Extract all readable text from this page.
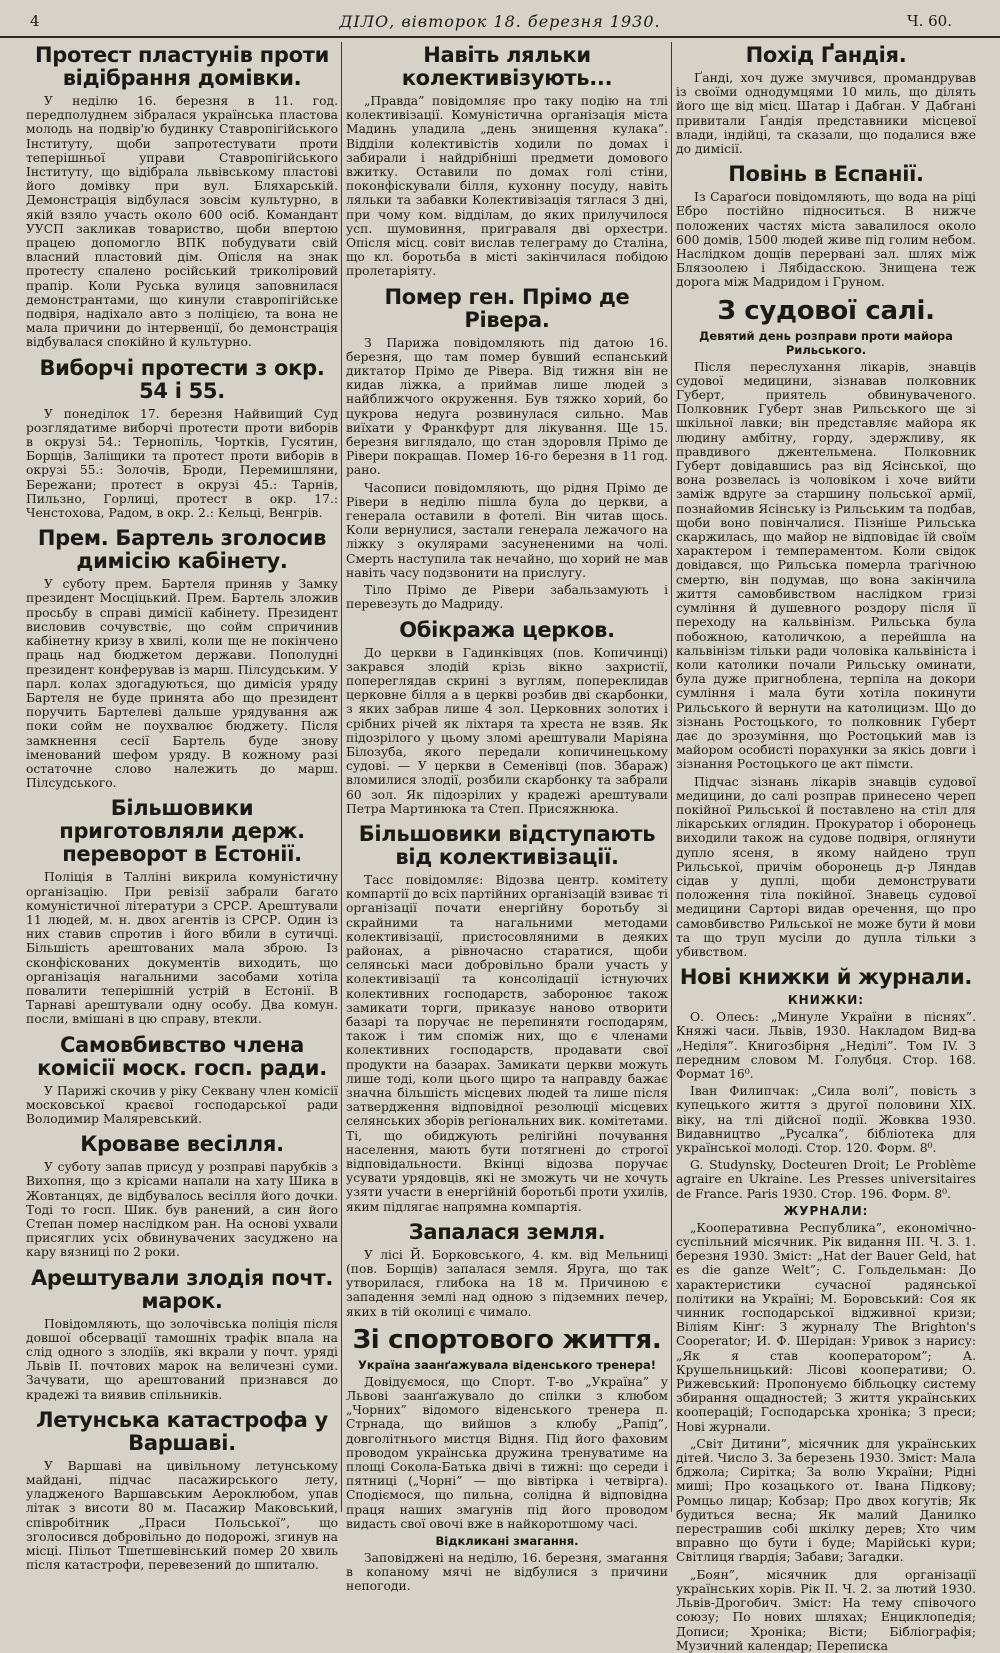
4	ДІЛО, вівторок 18. березня 1930.	Ч. 60.
Протест пластунів проти відібрання домівки.

У неділю 16. березня в 11. год. передполуднем зібралася українська пластова молодь на подвір'ю будинку Ставропігійського Інституту, щоби запротестувати проти теперішньої управи Ставропігійського Інституту, що відібрала львівському пластові його домівку при вул. Бляхарській. Демонстрація відбулася зовсім культурно, в якій взяло участь около 600 осіб. Командант УУСП закликав товариство, щоби впертою працею допомогло ВПК побудувати свій власний пластовий дім. Опісля на знак протесту спалено російський триколіровий прапір. Коли Руська вулиця заповнилася демонстрантами, що кинули ставропігійське подвіря, надіхало авто з поліцією, та вона не мала причини до інтервенції, бо демонстрація відбувалася спокійно й культурно.

Виборчі протести з окр. 54 і 55.

У понеділок 17. березня Найвищий Суд розглядатиме виборчі протести проти виборів в окрузі 54.: Тернопіль, Чортків, Гусятин, Борщів, Заліщики та протест проти виборів в окрузі 55.: Золочів, Броди, Перемишляни, Бережани; протест в окрузі 45.: Тарнів, Пильзно, Горлиці, протест в окр. 17.: Ченстохова, Радом, в окр. 2.: Кельці, Венгрів.

Прем. Бартель зголосив димісію кабінету.

У суботу прем. Бартеля приняв у Замку президент Мосціцький. Прем. Бартель зложив просьбу в справі димісії кабінету. Президент висловив сочувствіє, що сойм спричинив кабінетну кризу в хвилі, коли ще не покінчено праць над бюджетом держави. Пополудні президент конферував із марш. Пілсудським. У парл. колах здогадуються, що димісія уряду Бартеля не буде принята або що президент поручить Бартелеві дальше урядування аж поки сойм не поухвалює бюджету. Після замкнення сесії Бартель буде знову іменований шефом уряду. В кожному разі остаточне слово належить до марш. Пілсудського.

Більшовики приготовляли держ. переворот в Естонії.

Поліція в Талліні викрила комуністичну організацію. При ревізії забрали багато комуністичної літератури з СРСР. Арештували 11 людей, м. н. двох агентів із СРСР. Один із них ставив спротив і його вбили в сутичці. Більшість арештованих мала зброю. Із сконфіскованих документів виходить, що організація нагальними засобами хотіла повалити теперішній устрій в Естонії. В Тарнаві арештували одну особу. Два комун. посли, вмішані в цю справу, втекли.

Самовбивство члена комісії моск. госп. ради.

У Парижі скочив у ріку Секвану член комісії московської краєвої господарської ради Володимир Малярeвський.

Кроваве весілля.

У суботу запав присуд у розправі парубків з Вихопня, що з крісами напали на хату Шика в Жовтанцях, де відбувалось весілля його дочки. Тоді то госп. Шик. був ранений, а син його Степан помер наслідком ран. На основі ухвали присяглих усіх обвинувачених засуджено на кару вязниці по 2 роки.

Арештували злодія почт. марок.

Повідомляють, що золочівська поліція після довшої обсервації тамошніх трафік впала на слід одного з злодіїв, які вкрали у почт. уряді Львів II. почтових марок на величезні суми. Зачувати, що арештований признався до крадежі та виявив спільників.

Летунська катастрофа у Варшаві.

У Варшаві на цивільному летунському майдані, підчас пасажирського лету, уладженого Варшавським Аероклюбом, упав літак з висоти 80 м. Пасажир Маковський, співробітник „Праси Польської”, що зголосився добровільно до подорожі, згинув на місці. Пільот Тшетшевінський помер 20 хвиль після катастрофи, перевезений до шпиталю.

Навіть ляльки колективізують...

„Правда” повідомляє про таку подію на тлі колективізації. Комуністична організація міста Мадинь уладила „день знищення кулака”. Відділи колективістів ходили по домах і забирали і найдрібніші предмети домового вжитку. Оставили по домах голі стіни, поконфіскували білля, кухонну посуду, навіть ляльки та забавки Колективізація тяглася 3 дні, при чому ком. відділам, до яких прилучилося усп. шумовиння, приграваля дві орхестри. Опісля місц. совіт вислав телеграму до Сталіна, що кл. боротьба в місті закінчилася побідою пролетаріяту.

Помер ген. Прімо де Рівера.

З Парижа повідомляють під датою 16. березня, що там помер бувший еспанський диктатор Прімо де Рівера. Від тижня він не кидав ліжка, а приймав лише людей з найближчого окруження. Був тяжко хорий, бо цукрова недуга розвинулася сильно. Мав виїхати у Франкфурт для лікування. Ще 15. березня виглядало, що стан здоровля Прімо де Рівери покращав. Помер 16-го березня в 11 год. рано.

Часописи повідомляють, що рідня Прімо де Рівери в неділю пішла була до церкви, а генерала оставили в фотелі. Він читав щось. Коли вернулися, застали генерала лежачого на ліжку з окулярами засунененими на чолі. Смерть наступила так нечайно, що хорий не мав навіть часу подзвонити на прислугу.

Тіло Прімо де Рівери забальзамують і перевезуть до Мадриду.

Обікража церков.

До церкви в Гадинківцях (пов. Копичинці) закрався злодій крізь вікно захристії, попереглядав скрині з вуглям, попереклидав церковне білля а в церкві розбив дві скарбонки, з яких забрав лише 4 зол. Церковних золотих і срібних річей як ліхтаря та хреста не взяв. Як підозрілого у цьому зломі арештували Маріяна Білозуба, якого передали копичинецькому судові. — У церкви в Семенівці (пов. Збараж) вломилися злодії, розбили скарбонку та забрали 60 зол. Як підозрілих у крадежі арештували Петра Мартинюка та Степ. Присяжнюка.

Більшовики відступають від колективізації.

Тасс повідомляє: Відозва центр. комітету компартії до всіх партійних організацій взиває ті організації почати енергійну боротьбу зі скрайними та нагальними методами колективізації, пристосовляними в деяких районах, а рівночасно старатися, щоби селянські маси добровільно брали участь у колективізації та консолідації істнуючих колективних господарств, заборонює також замикати торги, приказує наново отворити базарі та поручає не перепиняти господарям, також і тим споміж них, що є членами колективних господарств, продавати свої продукти на базарах. Замикати церкви можуть лише тоді, коли цього щиро та направду бажає значна більшість місцевих людей та лише після затвердження відповідної резолюції місцевих селянських зборів регіональних вик. комітетами. Ті, що обиджують релігійні почування населення, мають бути потягнені до строгої відповідальности. Вкінці відозва поручає усувати урядовців, які не зможуть чи не хочуть узяти участи в енергійній боротьбі проти ухилів, яким підлягає напрямна компартія.

Запалася земля.

У лісі Й. Борковського, 4. км. від Мельниці (пов. Борщів) запалася земля. Яруга, що так утворилася, глибока на 18 м. Причиною є западення землі над одною з підземних печер, яких в тій околиці є чимало.

Зі спортового життя.
Україна заанґажувала віденського тренера!

Довідуємося, що Спорт. Т-во „Україна” у Львові заанґажувало до спілки з клюбом „Чорних” відомого віденського тренера п. Стрнада, що вийшов з клюбу „Рапід”, довголітнього мистця Відня. Під його фаховим проводом українська дружина тренуватиме на площі Сокола-Батька двічі в тижні: що середи і пятниці („Чорні” — що вівтірка і четвірга). Сподіємося, що пильна, солідна й відповідна праця наших змагунів під його проводом видасть свої овочі вже в найкоротшому часі.

Відкликані змагання.

Заповіджені на неділю, 16. березня, змагання в копаному мячі не відбулися з причини непогоди.

Похід Ґандія.

Ґанді, хоч дуже змучився, промандрував із своїми однодумцями 10 миль, що ділять його ще від місц. Шатар і Дабган. У Дабгані привитали Ґандія представники місцевої влади, індійці, та сказали, що подалися вже до димісії.

Повінь в Еспанії.

Із Сараґоси повідомляють, що вода на ріці Ебро постійно підноситься. В нижче положених частях міста завалилося около 600 домів, 1500 людей живе під голим небом. Наслідком дощів перервані зал. шлях між Блязоолею і Лябідасскою. Знищена теж дорога між Мадридом і Груном.

З судової салі.
Девятий день розправи проти майора Рильського.

Після переслухання лікарів, знавців судової медицини, зізнавав полковник Губерт, приятель обвинуваченого. Полковник Губерт знав Рильського ще зі шкільної лавки; він представляє майора як людину амбітну, горду, здержливу, як правдивого джентельмена. Полковник Губерт довідавшись раз від Ясінської, що вона розвелась із чоловіком і хоче вийти заміж вдруге за старшину польської армії, познайомив Ясінську із Рильським та подбав, щоби воно повінчалися. Пізніше Рильська скаржилась, що майор не відповідає їй своїм характером і темпераментом. Коли свідок довідався, що Рильська померла трагічною смертю, він подумав, що вона закінчила життя самовбивством наслідком гризі сумління й душевного роздору після її переходу на кальвінізм. Рильська була побожною, католичкою, а перейшла на кальвінізм тільки ради чоловіка кальвініста і коли католики почали Рильську оминати, була дуже пригноблена, терпіла на докори сумління і мала бути хотіла покинути Рильського й вернути на католицизм. Що до зізнань Ростоцького, то полковник Губерт дає до зрозуміння, що Ростоцький мав із майором особисті порахунки за якісь довги і зізнання Ростоцького це акт пімсти.

Підчас зізнань лікарів знавців судової медицини, до салі розправ принесено череп покійної Рильської й поставлено на стіл для лікарських оглядин. Прокуратор і оборонець виходили також на судове подвіря, оглянути дупло ясеня, в якому найдено труп Рильської, причім оборонець д-р Ляндав сідав у дуплі, щоби демонструвати положення тіла покійної. Знавець судової медицини Сарторі видав оречення, що про самовбивство Рильської не може бути й мови та що труп мусіли до дупла тільки з убивством.

Нові книжки й журнали.
КНИЖКИ:

О. Олесь: „Минуле України в піснях”. Княжі часи. Львів, 1930. Накладом Вид-ва „Неділя”. Книгозбірня „Неділі”. Том IV. З передним словом М. Голубця. Стор. 168. Формат 16⁰.

Іван Филипчак: „Сила волі”, повість з купецького життя з другої половини XIX. віку, на тлі дійсної події. Жовква 1930. Видавництво „Русалка”, бібліотека для української молоді. Стор. 120. Форм. 8⁰.

G. Studynsky, Docteuren Droit; Le Problème agraire en Ukraine. Les Presses universitaires de France. Paris 1930. Стор. 196. Форм. 8⁰.

ЖУРНАЛИ:

„Кооперативна Республика”, економічно-суспільний місячник. Рік видання III. Ч. 3. 1. березня 1930. Зміст: „Hat der Bauer Geld, hat es die ganze Welt”; С. Гольдельман: До характеристики сучасної радянської політики на Україні; М. Боровський: Соя як чинник господарської відживної кризи; Віліям Кінґ: З журналу The Brighton's Cooperator; И. Ф. Шерідан: Уривок з нарису: „Як я став кооператором”; А. Крушельницький: Лісові кооперативи; О. Рижевський: Пропонуємо бібльоцку систему збирання ощадностей; З життя українських кооперацій; Господарська хроніка; З преси; Нові журнали.

„Світ Дитини”, місячник для українських дітей. Число 3. За березень 1930. Зміст: Мала бджола; Сирітка; За волю України; Рідні миші; Про козацького от. Івана Підкову; Ромцьо лицар; Кобзар; Про двох когутів; Як будиться весна; Як малий Данилко перестрашив собі шкілку дерев; Хто чим вправно що бути і буде; Марійські кури; Світлиця ґвардія; Забави; Загадки.

„Боян”, місячник для організації українських хорів. Рік II. Ч. 2. за лютий 1930. Львів-Дрогобич. Зміст: На тему співочого союзу; По нових шляхах; Енциклопедія; Дописи; Хроніка; Вісти; Бібліографія; Музичний календар; Переписка
